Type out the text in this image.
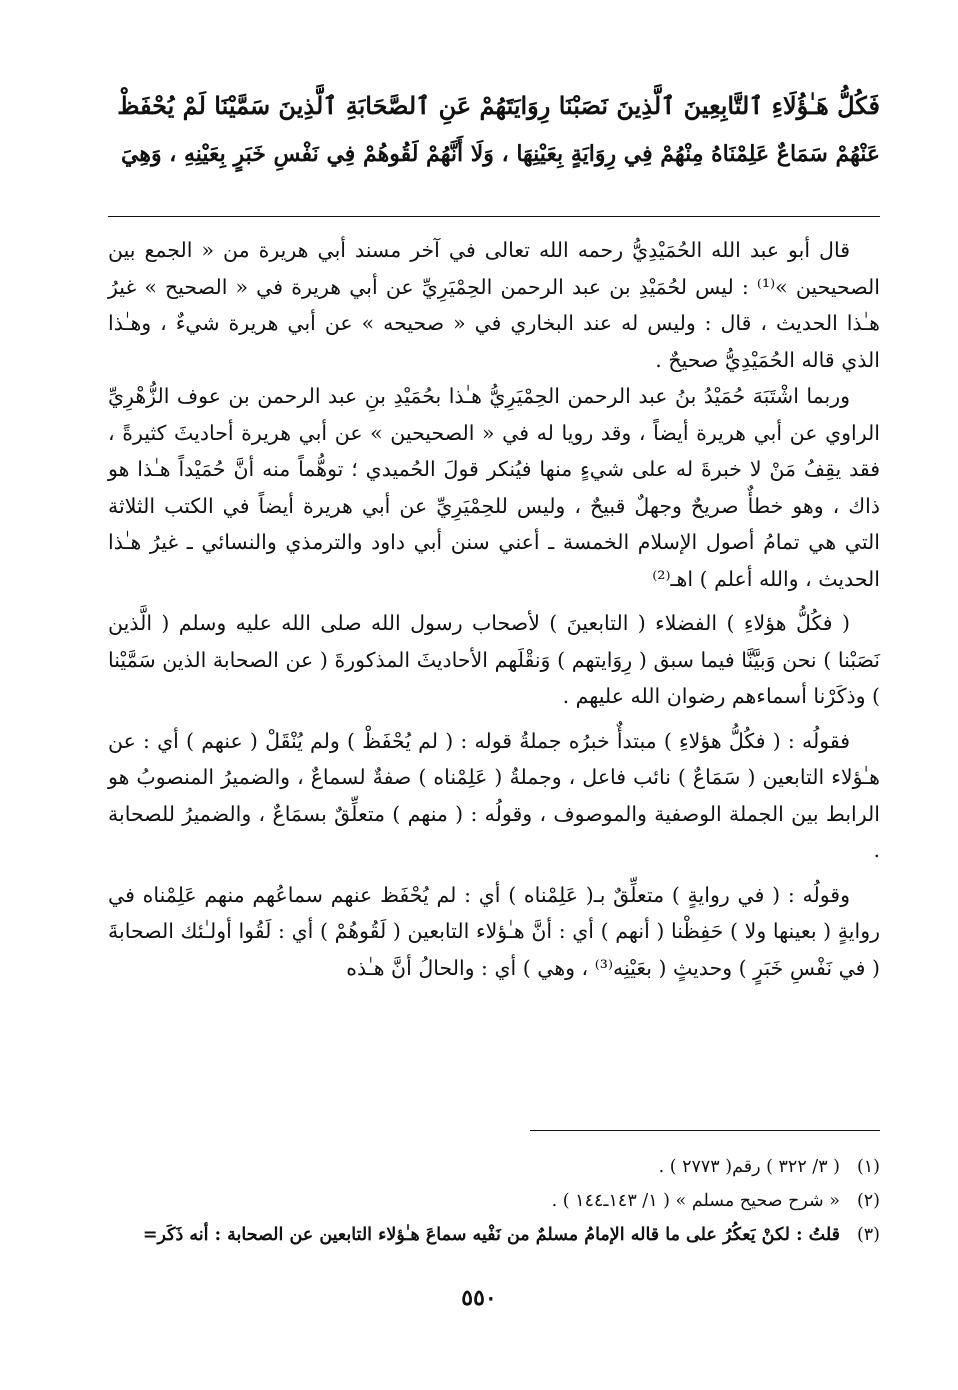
فَكُلُّ هَـٰؤُلَاءِ ٱلتَّابِعِينَ ٱلَّذِينَ نَصَبْنَا رِوَايَتَهُمْ عَنِ ٱلصَّحَابَةِ ٱلَّذِينَ سَمَّيْنَا لَمْ يُحْفَظْ

عَنْهُمْ سَمَاعٌ عَلِمْنَاهُ مِنْهُمْ فِي رِوَايَةٍ بِعَيْنِهَا ، وَلَا أَنَّهُمْ لَقُوهُمْ فِي نَفْسِ خَبَرٍ بِعَيْنِهِ ، وَهِيَ

قال أبو عبد الله الحُمَيْدِيُّ رحمه الله تعالى في آخر مسند أبي هريرة من « الجمع بين الصحيحين »⁽¹⁾ : ليس لحُمَيْدِ بن عبد الرحمن الحِمْيَرِيِّ عن أبي هريرة في « الصحيح » غيرُ هـٰذا الحديث ، قال : وليس له عند البخاري في « صحيحه » عن أبي هريرة شيءٌ ، وهـٰذا الذي قاله الحُمَيْدِيُّ صحيحٌ .

وربما اشْتَبَهَ حُمَيْدُ بنُ عبد الرحمن الحِمْيَرِيُّ هـٰذا بحُمَيْدِ بنِ عبد الرحمن بن عوف الزُّهْرِيِّ الراوي عن أبي هريرة أيضاً ، وقد رويا له في « الصحيحين » عن أبي هريرة أحاديثَ كثيرةً ، فقد يقِفُ مَنْ لا خبرةَ له على شيءٍ منها فيُنكر قولَ الحُميدي ؛ توهُّماً منه أنَّ حُمَيْداً هـٰذا هو ذاك ، وهو خطأٌ صريحٌ وجهلٌ قبيحٌ ، وليس للحِمْيَرِيِّ عن أبي هريرة أيضاً في الكتب الثلاثة التي هي تمامُ أصول الإسلام الخمسة ـ أعني سنن أبي داود والترمذي والنسائي ـ غيرُ هـٰذا الحديث ، والله أعلم ) اهـ⁽²⁾

( فكُلُّ هؤلاءِ ) الفضلاء ( التابعينَ ) لأصحاب رسول الله صلى الله عليه وسلم ( الَّذين نَصَبْنا ) نحن وَبيَّنَّا فيما سبق ( رِوَايتهم ) وَنقْلَهم الأحاديثَ المذكورةَ ( عن الصحابة الذين سَمَّيْنا ) وذكَرْنا أسماءهم رضوان الله عليهم .

فقولُه : ( فكُلُّ هؤلاءِ ) مبتدأٌ خبرُه جملةُ قوله : ( لم يُحْفَظْ ) ولم يُنْقَلْ ( عنهم ) أي : عن هـٰؤلاء التابعين ( سَمَاعٌ ) نائب فاعل ، وجملةُ ( عَلِمْناه ) صفةٌ لسماعٌ ، والضميرُ المنصوبُ هو الرابط بين الجملة الوصفية والموصوف ، وقولُه : ( منهم ) متعلِّقٌ بسمَاعٌ ، والضميرُ للصحابة .

وقولُه : ( في روايةٍ ) متعلِّقٌ بـ( عَلِمْناه ) أي : لم يُحْفَظ عنهم سماعُهم منهم عَلِمْناه في روايةٍ ( بعينها ولا ) حَفِظْنا ( أنهم ) أي : أنَّ هـٰؤلاء التابعين ( لَقُوهُمْ ) أي : لَقُوا أولـٰئك الصحابةَ ( في نَفْسِ خَبَرٍ ) وحديثٍ ( بعَيْنِه⁽³⁾ ، وهي ) أي : والحالُ أنَّ هـٰذه

(١)
( ٣/ ٣٢٢ ) رقم( ٢٧٧٣ ) .
(٢)
« شرح صحيح مسلم » ( ١/ ١٤٣ـ١٤٤ ) .
(٣)
قلتُ : لكنْ يَعكُرُ على ما قاله الإمامُ مسلمٌ من نَفْيه سماعَ هـٰؤلاء التابعين عن الصحابة : أنه ذَكَر=
٥٥٠
